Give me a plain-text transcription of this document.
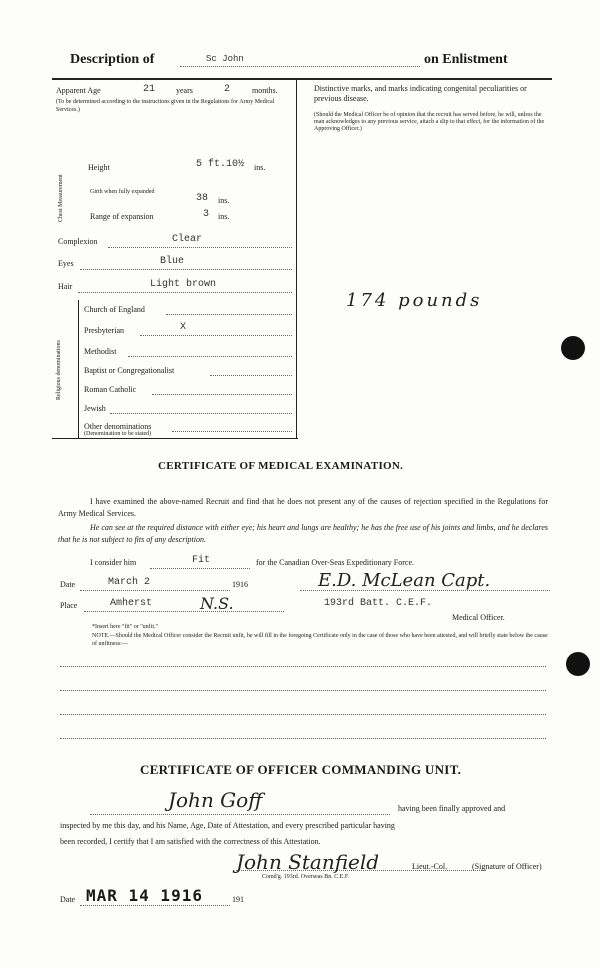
Description of	Sc John	on Enlistment
Apparent Age	21	years	2	months.
(To be determined according to the instructions given in the Regulations for Army Medical Services.)
Height	5 ft.10½ ins.
Chest Measurement	Girth when fully expanded
38 ins.
Range of expansion	3 ins.
Complexion	Clear
Eyes	Blue
Hair	Light brown
Religious denominations
Church of England
Presbyterian	X
Methodist
Baptist or Congregationalist
Roman Catholic
Jewish
Other denominations
(Denomination to be stated)
Distinctive marks, and marks indicating congenital peculiarities or previous disease.
(Should the Medical Officer be of opinion that the recruit has served before, he will, unless the man acknowledges to any previous service, attach a slip to that effect, for the information of the Approving Officer.)
174 pounds
CERTIFICATE OF MEDICAL EXAMINATION.
I have examined the above-named Recruit and find that he does not present any of the causes of rejection specified in the Regulations for Army Medical Services.
He can see at the required distance with either eye; his heart and lungs are healthy; he has the free use of his joints and limbs, and he declares that he is not subject to fits of any description.
I consider him	Fit	for the Canadian Over-Seas Expeditionary Force.
Date	March 2	1916	E.D. McLean Capt.
Place	Amherst	N.S.	193rd Batt. C.E.F.
Medical Officer.
*Insert here "fit" or "unfit."
NOTE.—Should the Medical Officer consider the Recruit unfit, he will fill in the foregoing Certificate only in the case of those who have been attested, and will briefly state below the cause of unfitness:—
CERTIFICATE OF OFFICER COMMANDING UNIT.
John Goff	having been finally approved and
inspected by me this day, and his Name, Age, Date of Attestation, and every prescribed particular having
been recorded, I certify that I am satisfied with the correctness of this Attestation.
John Stanfield	Lieut.-Col.	(Signature of Officer)
Comd'g. 193rd. Overseas Bn. C.E.F.
Date MAR 14 1916	191
